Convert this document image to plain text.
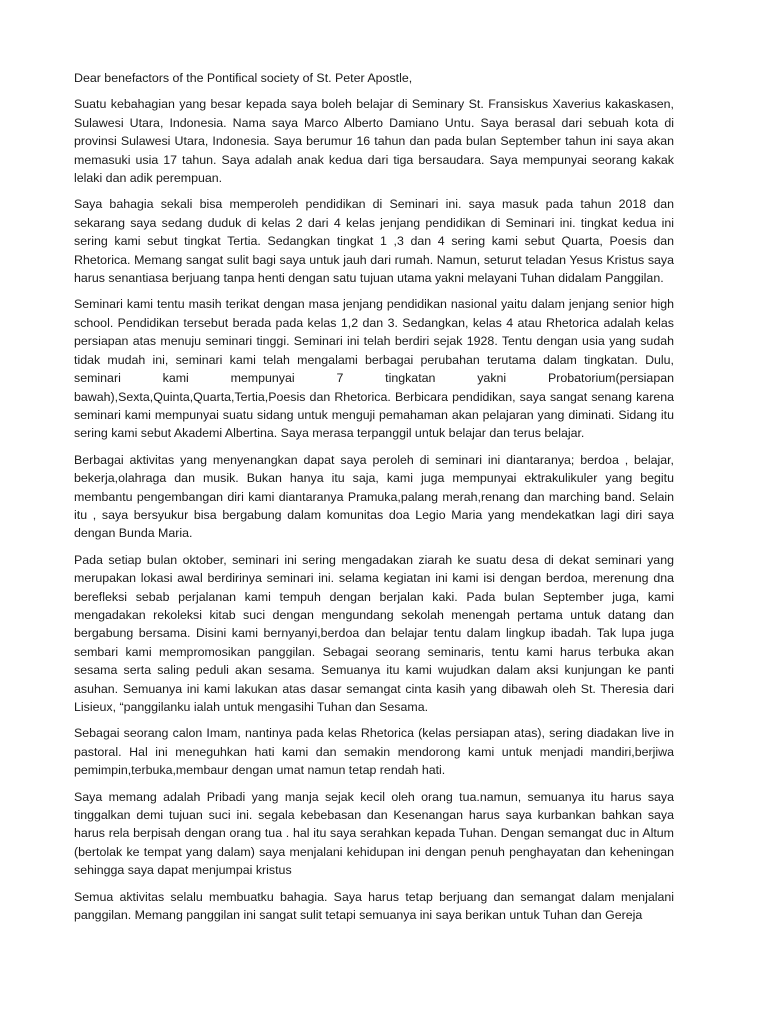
Dear benefactors of the Pontifical society of St. Peter Apostle,

Suatu kebahagian yang besar kepada saya boleh belajar di Seminary St. Fransiskus Xaverius kakaskasen, Sulawesi Utara, Indonesia. Nama saya Marco Alberto Damiano Untu. Saya berasal dari sebuah kota di provinsi Sulawesi Utara, Indonesia. Saya berumur 16 tahun dan pada bulan September tahun ini saya akan memasuki usia 17 tahun. Saya adalah anak kedua dari tiga bersaudara. Saya mempunyai seorang kakak lelaki dan adik perempuan.

Saya bahagia sekali bisa memperoleh pendidikan di Seminari ini. saya masuk pada tahun 2018 dan sekarang saya sedang duduk di kelas 2 dari 4 kelas jenjang pendidikan di Seminari ini. tingkat kedua ini sering kami sebut tingkat Tertia. Sedangkan tingkat 1 ,3 dan 4 sering kami sebut Quarta, Poesis dan Rhetorica. Memang sangat sulit bagi saya untuk jauh dari rumah. Namun, seturut teladan Yesus Kristus saya harus senantiasa berjuang tanpa henti dengan satu tujuan utama yakni melayani Tuhan didalam Panggilan.

Seminari kami tentu masih terikat dengan masa jenjang pendidikan nasional yaitu dalam jenjang senior high school. Pendidikan tersebut berada pada kelas 1,2 dan 3. Sedangkan, kelas 4 atau Rhetorica adalah kelas persiapan atas menuju seminari tinggi. Seminari ini telah berdiri sejak 1928. Tentu dengan usia yang sudah tidak mudah ini, seminari kami telah mengalami berbagai perubahan terutama dalam tingkatan. Dulu, seminari kami mempunyai 7 tingkatan yakni Probatorium(persiapan bawah),Sexta,Quinta,Quarta,Tertia,Poesis dan Rhetorica. Berbicara pendidikan, saya sangat senang karena seminari kami mempunyai suatu sidang untuk menguji pemahaman akan pelajaran yang diminati. Sidang itu sering kami sebut Akademi Albertina. Saya merasa terpanggil untuk belajar dan terus belajar.

Berbagai aktivitas yang menyenangkan dapat saya peroleh di seminari ini diantaranya; berdoa , belajar, bekerja,olahraga dan musik. Bukan hanya itu saja, kami juga mempunyai ektrakulikuler yang begitu membantu pengembangan diri kami diantaranya Pramuka,palang merah,renang dan marching band. Selain itu , saya bersyukur bisa bergabung dalam komunitas doa Legio Maria yang mendekatkan lagi diri saya dengan Bunda Maria.

Pada setiap bulan oktober, seminari ini sering mengadakan ziarah ke suatu desa di dekat seminari yang merupakan lokasi awal berdirinya seminari ini. selama kegiatan ini kami isi dengan berdoa, merenung dna berefleksi sebab perjalanan kami tempuh dengan berjalan kaki. Pada bulan September juga, kami mengadakan rekoleksi kitab suci dengan mengundang sekolah menengah pertama untuk datang dan bergabung bersama. Disini kami bernyanyi,berdoa dan belajar tentu dalam lingkup ibadah. Tak lupa juga sembari kami mempromosikan panggilan. Sebagai seorang seminaris, tentu kami harus terbuka akan sesama serta saling peduli akan sesama. Semuanya itu kami wujudkan dalam aksi kunjungan ke panti asuhan. Semuanya ini kami lakukan atas dasar semangat cinta kasih yang dibawah oleh St. Theresia dari Lisieux, “panggilanku ialah untuk mengasihi Tuhan dan Sesama.

Sebagai seorang calon Imam, nantinya pada kelas Rhetorica (kelas persiapan atas), sering diadakan live in pastoral. Hal ini meneguhkan hati kami dan semakin mendorong kami untuk menjadi mandiri,berjiwa pemimpin,terbuka,membaur dengan umat namun tetap rendah hati.

Saya memang adalah Pribadi yang manja sejak kecil oleh orang tua.namun, semuanya itu harus saya tinggalkan demi tujuan suci ini. segala kebebasan dan Kesenangan harus saya kurbankan bahkan saya harus rela berpisah dengan orang tua . hal itu saya serahkan kepada Tuhan. Dengan semangat duc in Altum (bertolak ke tempat yang dalam) saya menjalani kehidupan ini dengan penuh penghayatan dan keheningan sehingga saya dapat menjumpai kristus

Semua aktivitas selalu membuatku bahagia. Saya harus tetap berjuang dan semangat dalam menjalani panggilan. Memang panggilan ini sangat sulit tetapi semuanya ini saya berikan untuk Tuhan dan Gereja
